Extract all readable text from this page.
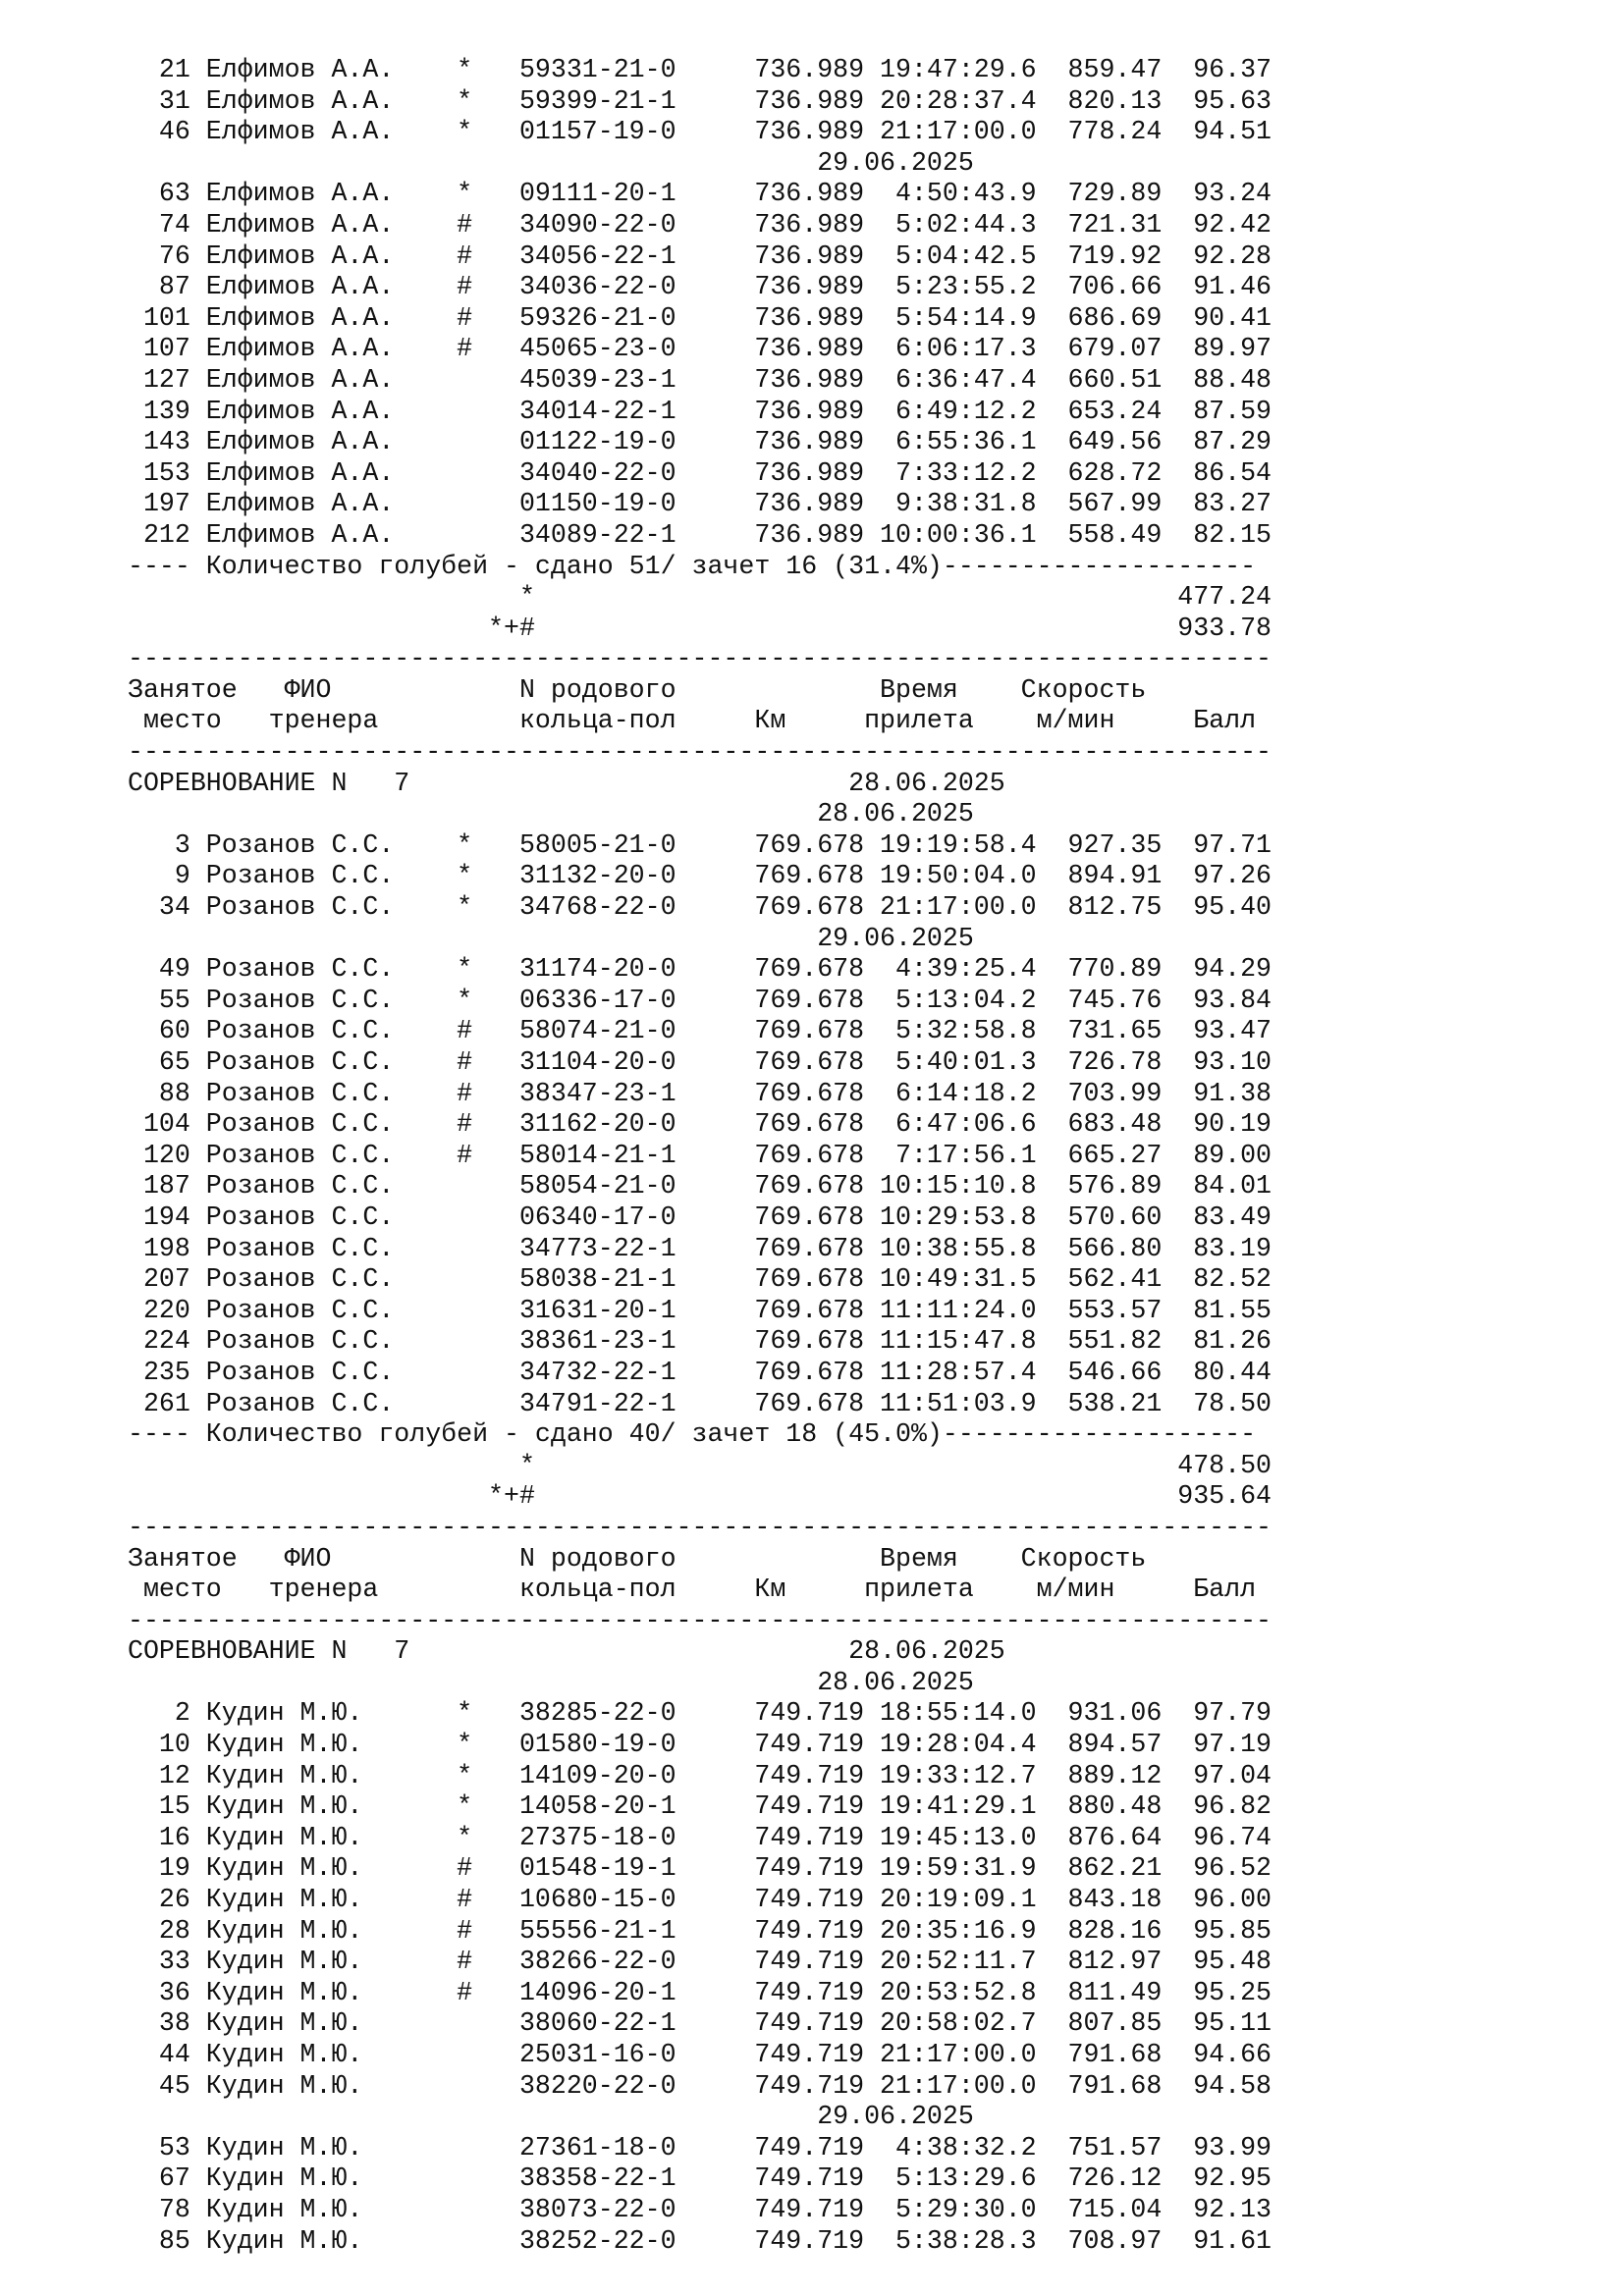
21 Елфимов А.А.    *   59331-21-0     736.989 19:47:29.6  859.47  96.37
31 Елфимов А.А.    *   59399-21-1     736.989 20:28:37.4  820.13  95.63
46 Елфимов А.А.    *   01157-19-0     736.989 21:17:00.0  778.24  94.51
29.06.2025
63 Елфимов А.А.    *   09111-20-1     736.989  4:50:43.9  729.89  93.24
74 Елфимов А.А.    #   34090-22-0     736.989  5:02:44.3  721.31  92.42
76 Елфимов А.А.    #   34056-22-1     736.989  5:04:42.5  719.92  92.28
87 Елфимов А.А.    #   34036-22-0     736.989  5:23:55.2  706.66  91.46
101 Елфимов А.А.    #   59326-21-0     736.989  5:54:14.9  686.69  90.41
107 Елфимов А.А.    #   45065-23-0     736.989  6:06:17.3  679.07  89.97
127 Елфимов А.А.        45039-23-1     736.989  6:36:47.4  660.51  88.48
139 Елфимов А.А.        34014-22-1     736.989  6:49:12.2  653.24  87.59
143 Елфимов А.А.        01122-19-0     736.989  6:55:36.1  649.56  87.29
153 Елфимов А.А.        34040-22-0     736.989  7:33:12.2  628.72  86.54
197 Елфимов А.А.        01150-19-0     736.989  9:38:31.8  567.99  83.27
212 Елфимов А.А.        34089-22-1     736.989 10:00:36.1  558.49  82.15
---- Количество голубей - сдано 51/ зачет 16 (31.4%)--------------------
*                                         477.24
*+#                                         933.78
-------------------------------------------------------------------------
Занятое   ФИО            N родового             Время    Скорость
место   тренера         кольца-пол     Км     прилета    м/мин     Балл
-------------------------------------------------------------------------
СОРЕВНОВАНИЕ N   7                            28.06.2025
28.06.2025
3 Розанов С.С.    *   58005-21-0     769.678 19:19:58.4  927.35  97.71
9 Розанов С.С.    *   31132-20-0     769.678 19:50:04.0  894.91  97.26
34 Розанов С.С.    *   34768-22-0     769.678 21:17:00.0  812.75  95.40
29.06.2025
49 Розанов С.С.    *   31174-20-0     769.678  4:39:25.4  770.89  94.29
55 Розанов С.С.    *   06336-17-0     769.678  5:13:04.2  745.76  93.84
60 Розанов С.С.    #   58074-21-0     769.678  5:32:58.8  731.65  93.47
65 Розанов С.С.    #   31104-20-0     769.678  5:40:01.3  726.78  93.10
88 Розанов С.С.    #   38347-23-1     769.678  6:14:18.2  703.99  91.38
104 Розанов С.С.    #   31162-20-0     769.678  6:47:06.6  683.48  90.19
120 Розанов С.С.    #   58014-21-1     769.678  7:17:56.1  665.27  89.00
187 Розанов С.С.        58054-21-0     769.678 10:15:10.8  576.89  84.01
194 Розанов С.С.        06340-17-0     769.678 10:29:53.8  570.60  83.49
198 Розанов С.С.        34773-22-1     769.678 10:38:55.8  566.80  83.19
207 Розанов С.С.        58038-21-1     769.678 10:49:31.5  562.41  82.52
220 Розанов С.С.        31631-20-1     769.678 11:11:24.0  553.57  81.55
224 Розанов С.С.        38361-23-1     769.678 11:15:47.8  551.82  81.26
235 Розанов С.С.        34732-22-1     769.678 11:28:57.4  546.66  80.44
261 Розанов С.С.        34791-22-1     769.678 11:51:03.9  538.21  78.50
---- Количество голубей - сдано 40/ зачет 18 (45.0%)--------------------
*                                         478.50
*+#                                         935.64
-------------------------------------------------------------------------
Занятое   ФИО            N родового             Время    Скорость
место   тренера         кольца-пол     Км     прилета    м/мин     Балл
-------------------------------------------------------------------------
СОРЕВНОВАНИЕ N   7                            28.06.2025
28.06.2025
2 Кудин М.Ю.      *   38285-22-0     749.719 18:55:14.0  931.06  97.79
10 Кудин М.Ю.      *   01580-19-0     749.719 19:28:04.4  894.57  97.19
12 Кудин М.Ю.      *   14109-20-0     749.719 19:33:12.7  889.12  97.04
15 Кудин М.Ю.      *   14058-20-1     749.719 19:41:29.1  880.48  96.82
16 Кудин М.Ю.      *   27375-18-0     749.719 19:45:13.0  876.64  96.74
19 Кудин М.Ю.      #   01548-19-1     749.719 19:59:31.9  862.21  96.52
26 Кудин М.Ю.      #   10680-15-0     749.719 20:19:09.1  843.18  96.00
28 Кудин М.Ю.      #   55556-21-1     749.719 20:35:16.9  828.16  95.85
33 Кудин М.Ю.      #   38266-22-0     749.719 20:52:11.7  812.97  95.48
36 Кудин М.Ю.      #   14096-20-1     749.719 20:53:52.8  811.49  95.25
38 Кудин М.Ю.          38060-22-1     749.719 20:58:02.7  807.85  95.11
44 Кудин М.Ю.          25031-16-0     749.719 21:17:00.0  791.68  94.66
45 Кудин М.Ю.          38220-22-0     749.719 21:17:00.0  791.68  94.58
29.06.2025
53 Кудин М.Ю.          27361-18-0     749.719  4:38:32.2  751.57  93.99
67 Кудин М.Ю.          38358-22-1     749.719  5:13:29.6  726.12  92.95
78 Кудин М.Ю.          38073-22-0     749.719  5:29:30.0  715.04  92.13
85 Кудин М.Ю.          38252-22-0     749.719  5:38:28.3  708.97  91.61
